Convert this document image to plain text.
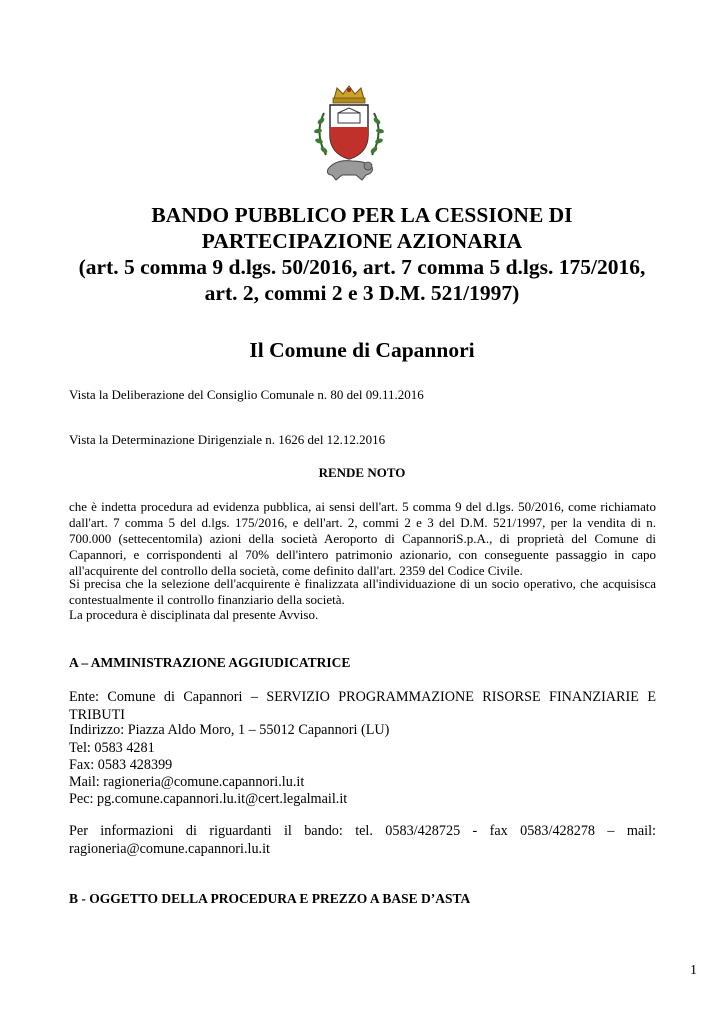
BANDO PUBBLICO PER LA CESSIONE DI
PARTECIPAZIONE AZIONARIA
(art. 5 comma 9 d.lgs. 50/2016, art. 7 comma 5 d.lgs. 175/2016,
art. 2, commi 2 e 3 D.M. 521/1997)
Il Comune di Capannori
Vista la Deliberazione del Consiglio Comunale n. 80 del 09.11.2016
Vista la Determinazione Dirigenziale n. 1626 del 12.12.2016
RENDE NOTO
che è indetta procedura ad evidenza pubblica, ai sensi dell'art. 5 comma 9 del d.lgs. 50/2016, come richiamato dall'art. 7 comma 5 del d.lgs. 175/2016, e dell'art. 2, commi 2 e 3 del D.M. 521/1997, per la vendita di n. 700.000 (settecentomila) azioni della società Aeroporto di CapannoriS.p.A., di proprietà del Comune di Capannori, e corrispondenti al 70% dell'intero patrimonio azionario, con conseguente passaggio in capo all'acquirente del controllo della società, come definito dall'art. 2359 del Codice Civile.
Si precisa che la selezione dell'acquirente è finalizzata all'individuazione di un socio operativo, che acquisisca contestualmente il controllo finanziario della società.
La procedura è disciplinata dal presente Avviso.
A – AMMINISTRAZIONE AGGIUDICATRICE
Ente: Comune di Capannori – SERVIZIO PROGRAMMAZIONE RISORSE FINANZIARIE E TRIBUTI
Indirizzo: Piazza Aldo Moro, 1 – 55012 Capannori (LU)
Tel: 0583 4281
Fax: 0583 428399
Mail: ragioneria@comune.capannori.lu.it
Pec: pg.comune.capannori.lu.it@cert.legalmail.it
Per informazioni di riguardanti il bando: tel. 0583/428725 - fax 0583/428278 – mail: ragioneria@comune.capannori.lu.it
B - OGGETTO DELLA PROCEDURA E PREZZO A BASE D’ASTA
1
